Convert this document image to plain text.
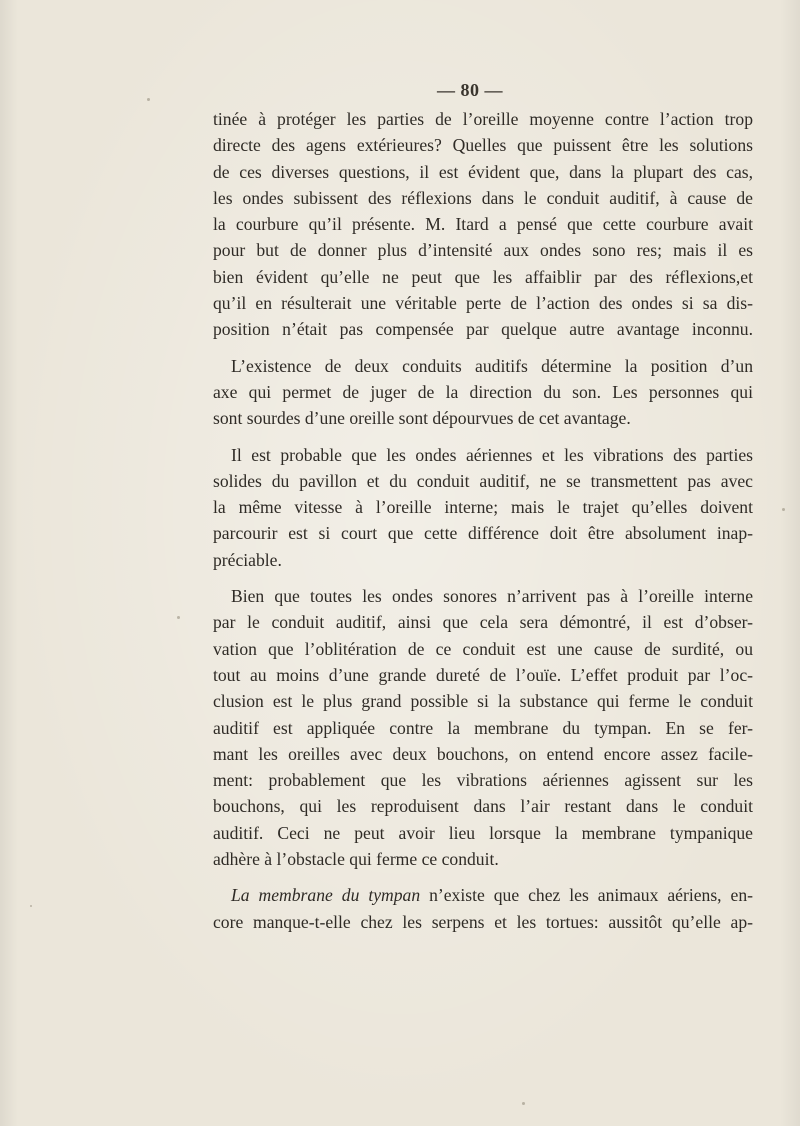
— 80 —
tinée à protéger les parties de l’oreille moyenne contre l’action trop
directe des agens extérieures? Quelles que puissent être les solutions
de ces diverses questions, il est évident que, dans la plupart des cas,
les ondes subissent des réflexions dans le conduit auditif, à cause de
la courbure qu’il présente. M. Itard a pensé que cette courbure avait
pour but de donner plus d’intensité aux ondes sono res; mais il es
bien évident qu’elle ne peut que les affaiblir par des réflexions,et
qu’il en résulterait une véritable perte de l’action des ondes si sa dis-
position n’était pas compensée par quelque autre avantage inconnu.
L’existence de deux conduits auditifs détermine la position d’un
axe qui permet de juger de la direction du son. Les personnes qui
sont sourdes d’une oreille sont dépourvues de cet avantage.
Il est probable que les ondes aériennes et les vibrations des parties
solides du pavillon et du conduit auditif, ne se transmettent pas avec
la même vitesse à l’oreille interne; mais le trajet qu’elles doivent
parcourir est si court que cette différence doit être absolument inap-
préciable.
Bien que toutes les ondes sonores n’arrivent pas à l’oreille interne
par le conduit auditif, ainsi que cela sera démontré, il est d’obser-
vation que l’oblitération de ce conduit est une cause de surdité, ou
tout au moins d’une grande dureté de l’ouïe. L’effet produit par l’oc-
clusion est le plus grand possible si la substance qui ferme le conduit
auditif est appliquée contre la membrane du tympan. En se fer-
mant les oreilles avec deux bouchons, on entend encore assez facile-
ment: probablement que les vibrations aériennes agissent sur les
bouchons, qui les reproduisent dans l’air restant dans le conduit
auditif. Ceci ne peut avoir lieu lorsque la membrane tympanique
adhère à l’obstacle qui ferme ce conduit.
La membrane du tympan n’existe que chez les animaux aériens, en-
core manque-t-elle chez les serpens et les tortues: aussitôt qu’elle ap-
